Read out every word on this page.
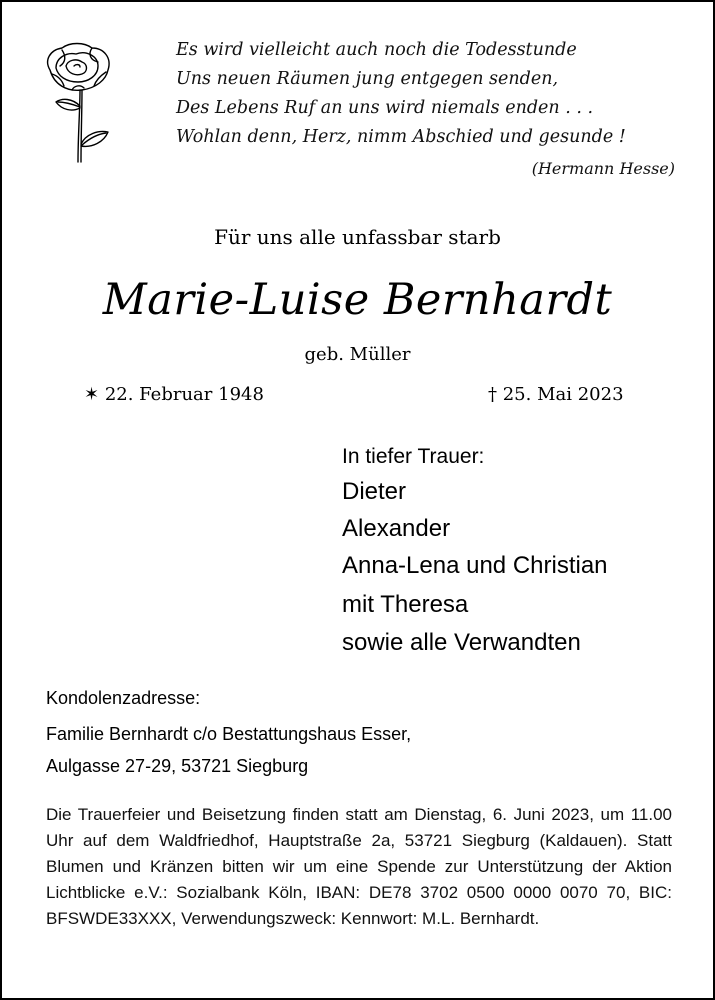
Es wird vielleicht auch noch die Todesstunde
Uns neuen Räumen jung entgegen senden,
Des Lebens Ruf an uns wird niemals enden . . .
Wohlan denn, Herz, nimm Abschied und gesunde !
(Hermann Hesse)
Für uns alle unfassbar starb
Marie-Luise Bernhardt
geb. Müller
✶ 22. Februar 1948	† 25. Mai 2023
In tiefer Trauer:
Dieter
Alexander
Anna-Lena und Christian
mit Theresa
sowie alle Verwandten
Kondolenzadresse:
Familie Bernhardt c/o Bestattungshaus Esser,
Aulgasse 27-29, 53721 Siegburg
Die Trauerfeier und Beisetzung finden statt am Dienstag, 6. Juni 2023, um 11.00 Uhr auf dem Waldfriedhof, Hauptstraße 2a, 53721 Siegburg (Kaldauen). Statt Blumen und Kränzen bitten wir um eine Spende zur Unterstützung der Aktion Lichtblicke e.V.: Sozialbank Köln, IBAN: DE78 3702 0500 0000 0070 70, BIC: BFSWDE33XXX, Verwendungszweck: Kennwort: M.L. Bernhardt.
